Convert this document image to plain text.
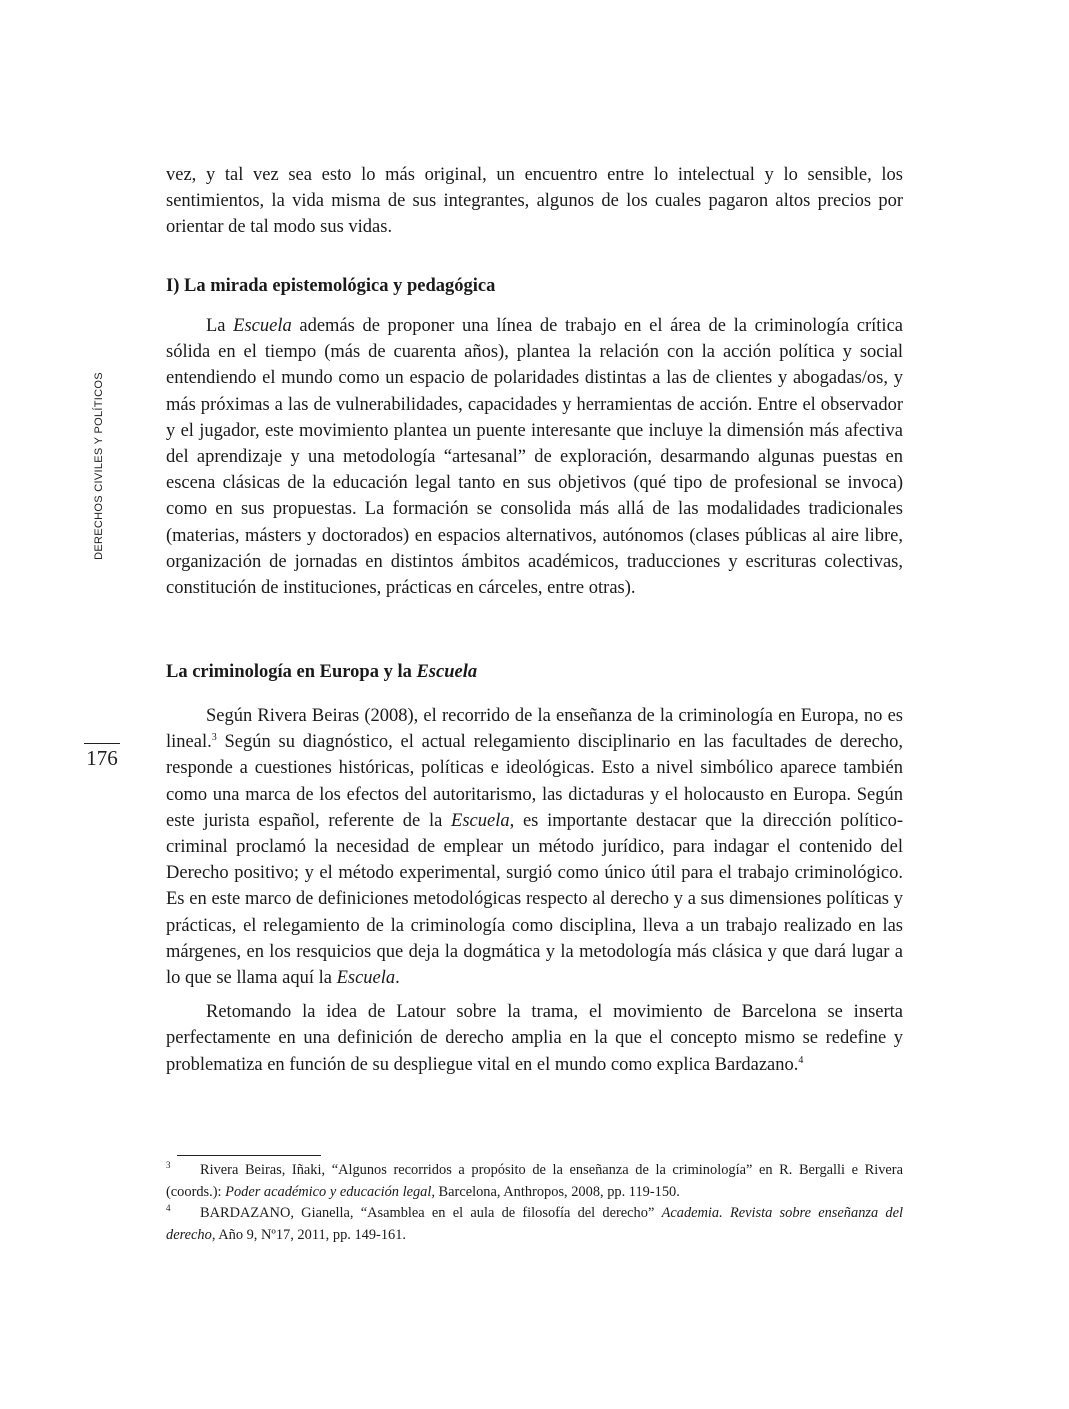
DERECHOS CIVILES Y POLÍTICOS
176

vez, y tal vez sea esto lo más original, un encuentro entre lo intelectual y lo sensible, los sentimientos, la vida misma de sus integrantes, algunos de los cuales pagaron altos precios por orientar de tal modo sus vidas.

I) La mirada epistemológica y pedagógica

La Escuela además de proponer una línea de trabajo en el área de la criminología crítica sólida en el tiempo (más de cuarenta años), plantea la relación con la acción política y social entendiendo el mundo como un espacio de polaridades distintas a las de clientes y abogadas/os, y más próximas a las de vulnerabilidades, capacidades y herramientas de acción. Entre el observador y el jugador, este movimiento plantea un puente interesante que incluye la dimensión más afectiva del aprendizaje y una metodología “artesanal” de exploración, desarmando algunas puestas en escena clásicas de la educación legal tanto en sus objetivos (qué tipo de profesional se invoca) como en sus propuestas. La formación se consolida más allá de las modalidades tradicionales (materias, másters y doctorados) en espacios alternativos, autónomos (clases públicas al aire libre, organización de jornadas en distintos ámbitos académicos, traducciones y escrituras colectivas, constitución de instituciones, prácticas en cárceles, entre otras).

La criminología en Europa y la Escuela

Según Rivera Beiras (2008), el recorrido de la enseñanza de la criminología en Europa, no es lineal.$^3$ Según su diagnóstico, el actual relegamiento disciplinario en las facultades de derecho, responde a cuestiones históricas, políticas e ideológicas. Esto a nivel simbólico aparece también como una marca de los efectos del autoritarismo, las dictaduras y el holocausto en Europa. Según este jurista español, referente de la Escuela, es importante destacar que la dirección político-criminal proclamó la necesidad de emplear un método jurídico, para indagar el contenido del Derecho positivo; y el método experimental, surgió como único útil para el trabajo criminológico. Es en este marco de definiciones metodológicas respecto al derecho y a sus dimensiones políticas y prácticas, el relegamiento de la criminología como disciplina, lleva a un trabajo realizado en las márgenes, en los resquicios que deja la dogmática y la metodología más clásica y que dará lugar a lo que se llama aquí la Escuela.

Retomando la idea de Latour sobre la trama, el movimiento de Barcelona se inserta perfectamente en una definición de derecho amplia en la que el concepto mismo se redefine y problematiza en función de su despliegue vital en el mundo como explica Bardazano.$^4$

3 Rivera Beiras, Iñaki, “Algunos recorridos a propósito de la enseñanza de la criminología” en R. Bergalli e Rivera (coords.): Poder académico y educación legal, Barcelona, Anthropos, 2008, pp. 119-150.

4 BARDAZANO, Gianella, “Asamblea en el aula de filosofía del derecho” Academia. Revista sobre enseñanza del derecho, Año 9, Nº17, 2011, pp. 149-161.
